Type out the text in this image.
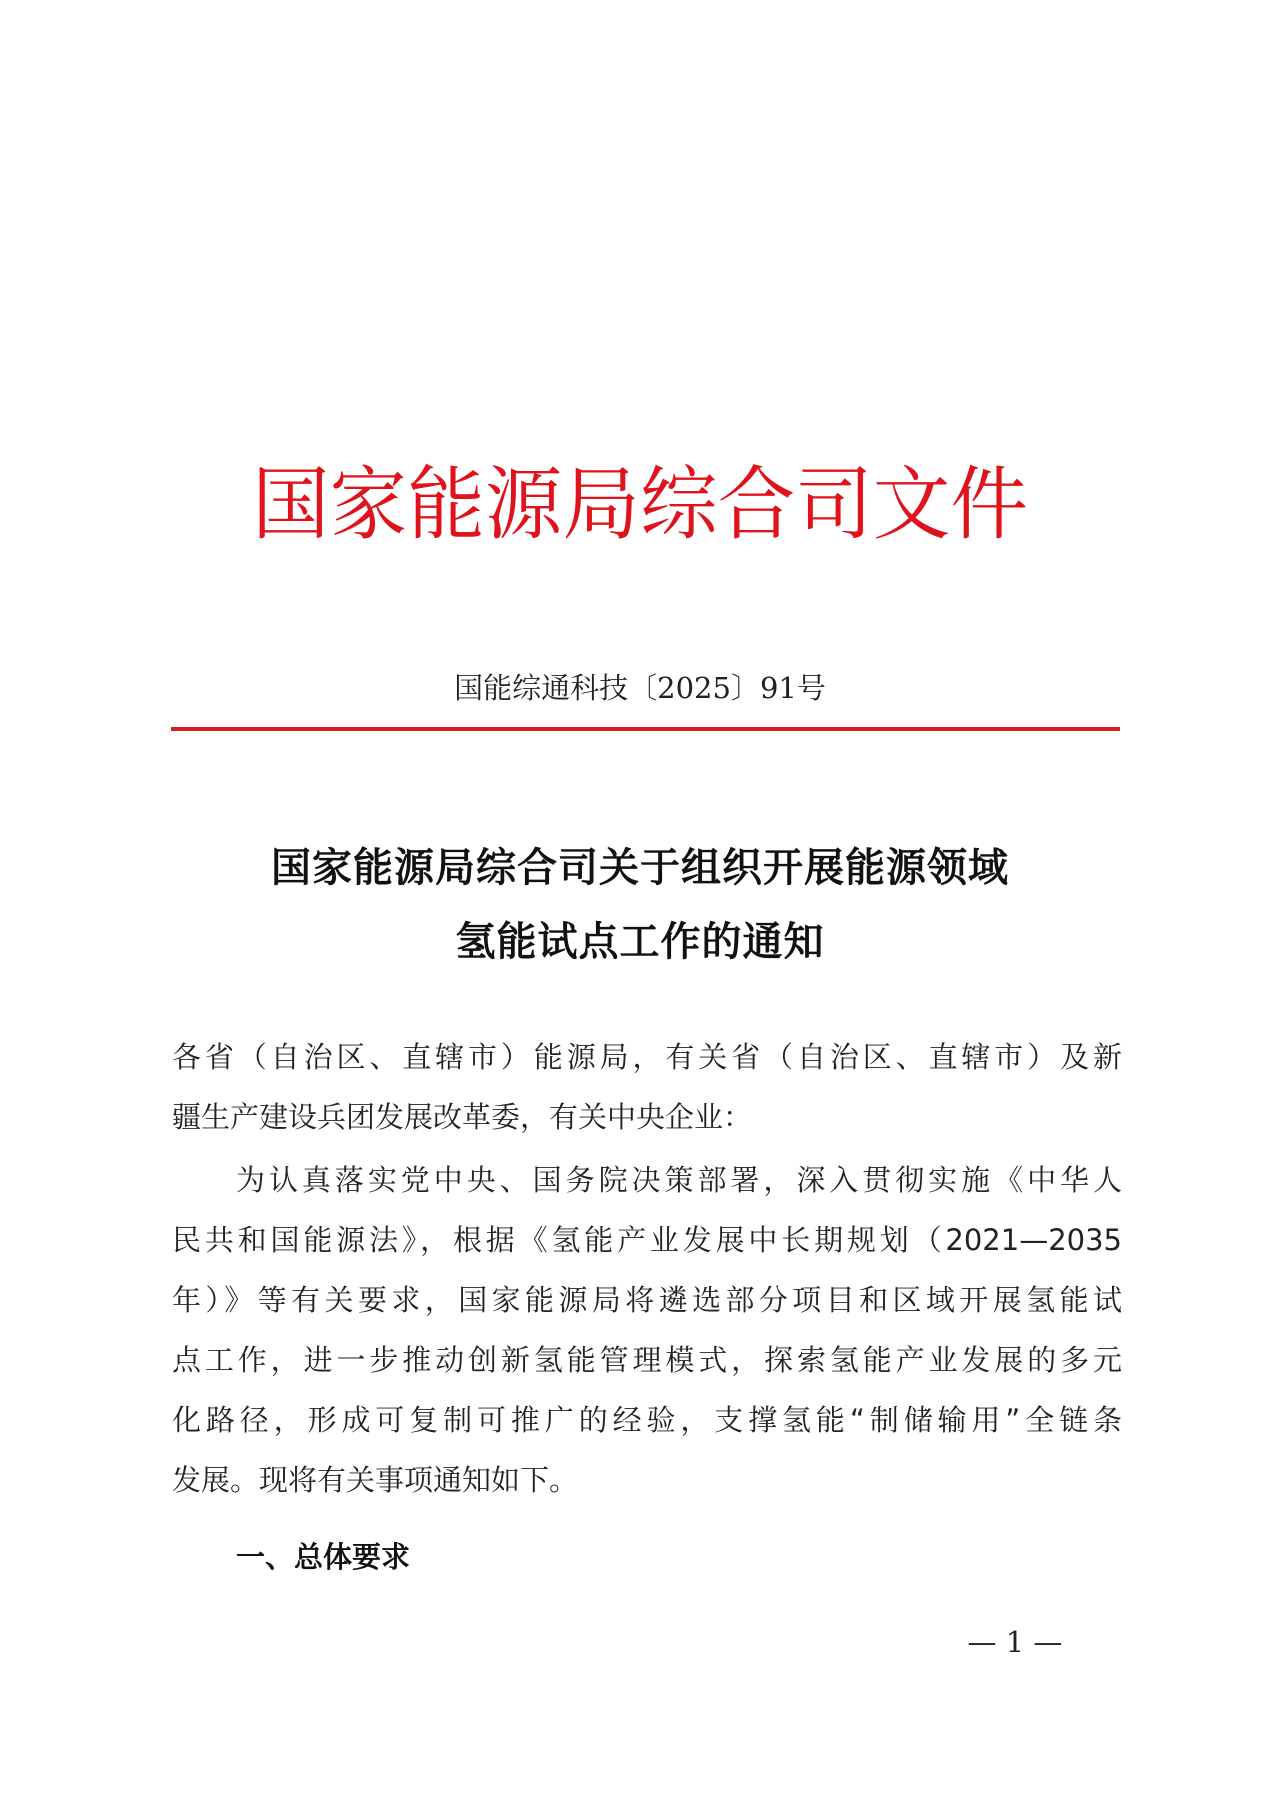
国家能源局综合司文件
国能综通科技〔2025〕91号
国家能源局综合司关于组织开展能源领域
氢能试点工作的通知
各省（自治区、直辖市）能源局，有关省（自治区、直辖市）及新
疆生产建设兵团发展改革委，有关中央企业：
为认真落实党中央、国务院决策部署，深入贯彻实施《中华人
民共和国能源法》，根据《氢能产业发展中长期规划（2021—2035
年）》等有关要求，国家能源局将遴选部分项目和区域开展氢能试
点工作，进一步推动创新氢能管理模式，探索氢能产业发展的多元
化路径，形成可复制可推广的经验，支撑氢能“制储输用”全链条
发展。现将有关事项通知如下。
一、总体要求
— 1 —
